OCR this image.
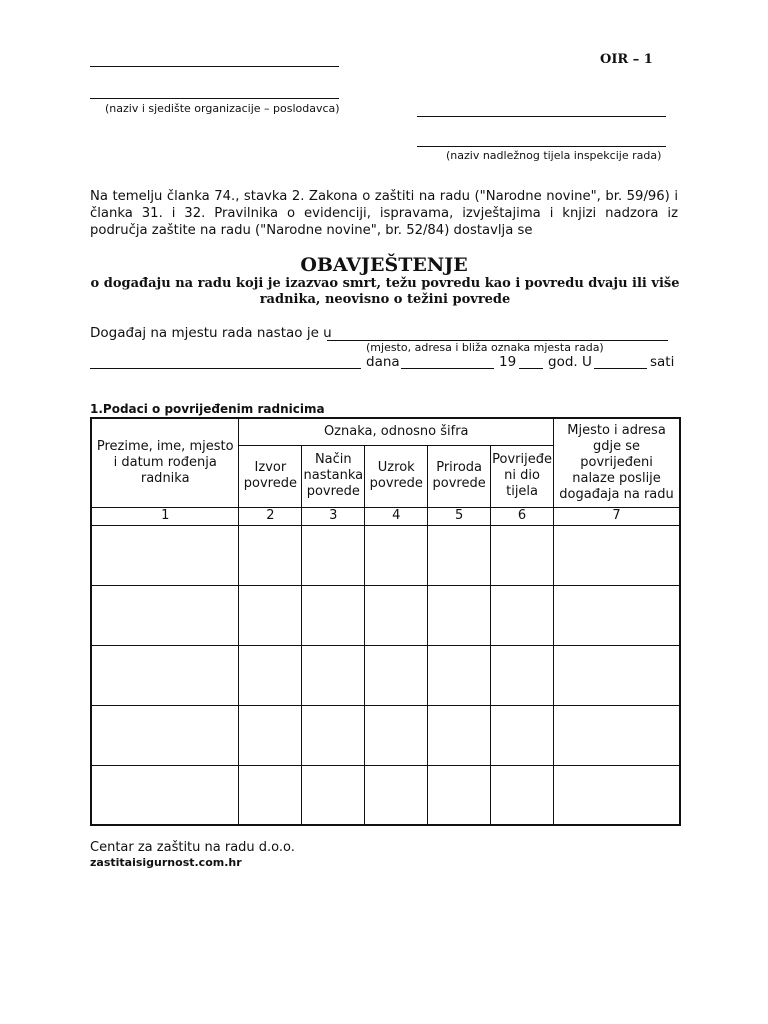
OIR – 1
(naziv i sjedište organizacije – poslodavca)
(naziv nadležnog tijela inspekcije rada)
Na temelju članka 74., stavka 2. Zakona o zaštiti na radu ("Narodne novine", br. 59/96) i članka 31. i 32. Pravilnika o evidenciji, ispravama, izvještajima i knjizi nadzora iz područja zaštite na radu ("Narodne novine", br. 52/84) dostavlja se
OBAVJEŠTENJE
o događaju na radu koji je izazvao smrt, težu povredu kao i povredu dvaju ili više
radnika, neovisno o težini povrede
Događaj na mjestu rada nastao je u
(mjesto, adresa i bliža oznaka mjesta rada)
dana	19 god. U	sati
1.Podaci o povrijeđenim radnicima
Prezime, ime, mjesto i datum rođenja radnika	Oznaka, odnosno šifra					Mjesto i adresa gdje se povrijeđeni nalaze poslije događaja na radu
	Izvor povrede	Način nastanka povrede	Uzrok povrede	Priroda povrede	Povrijeđe ni dio tijela	
1	2	3	4	5	6	7

Centar za zaštitu na radu d.o.o.
zastitaisigurnost.com.hr
